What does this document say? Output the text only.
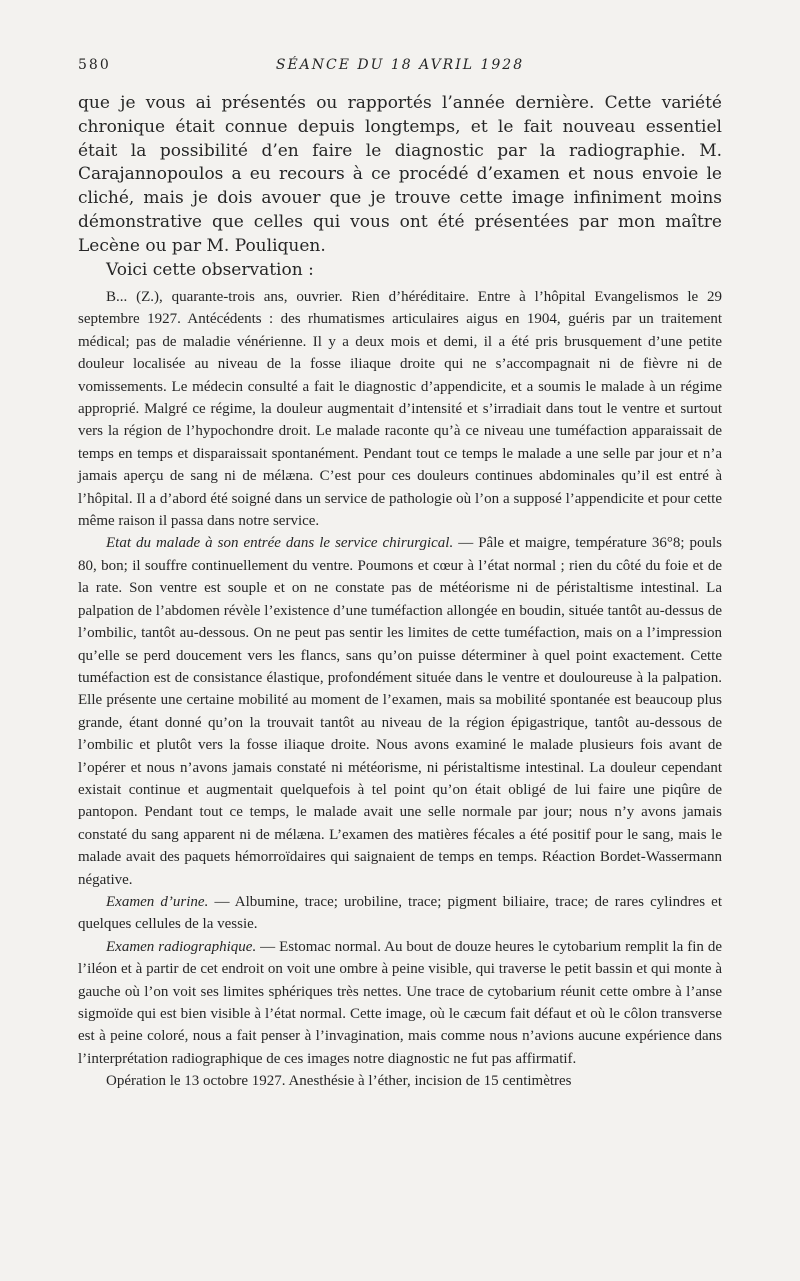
580	SÉANCE DU 18 AVRIL 1928

que je vous ai présentés ou rapportés l’année dernière. Cette variété chronique était connue depuis longtemps, et le fait nouveau essentiel était la possibilité d’en faire le diagnostic par la radiographie. M. Carajannopoulos a eu recours à ce procédé d’examen et nous envoie le cliché, mais je dois avouer que je trouve cette image infiniment moins démonstrative que celles qui vous ont été présentées par mon maître Lecène ou par M. Pouliquen.

Voici cette observation :

B... (Z.), quarante-trois ans, ouvrier. Rien d’héréditaire. Entre à l’hôpital Evangelismos le 29 septembre 1927. Antécédents : des rhumatismes articulaires aigus en 1904, guéris par un traitement médical; pas de maladie vénérienne. Il y a deux mois et demi, il a été pris brusquement d’une petite douleur localisée au niveau de la fosse iliaque droite qui ne s’accompagnait ni de fièvre ni de vomissements. Le médecin consulté a fait le diagnostic d’appendicite, et a soumis le malade à un régime approprié. Malgré ce régime, la douleur augmentait d’intensité et s’irradiait dans tout le ventre et surtout vers la région de l’hypochondre droit. Le malade raconte qu’à ce niveau une tuméfaction apparaissait de temps en temps et disparaissait spontanément. Pendant tout ce temps le malade a une selle par jour et n’a jamais aperçu de sang ni de mélæna. C’est pour ces douleurs continues abdominales qu’il est entré à l’hôpital. Il a d’abord été soigné dans un service de pathologie où l’on a supposé l’appendicite et pour cette même raison il passa dans notre service.

Etat du malade à son entrée dans le service chirurgical. — Pâle et maigre, température 36°8; pouls 80, bon; il souffre continuellement du ventre. Poumons et cœur à l’état normal ; rien du côté du foie et de la rate. Son ventre est souple et on ne constate pas de météorisme ni de péristaltisme intestinal. La palpation de l’abdomen révèle l’existence d’une tuméfaction allongée en boudin, située tantôt au-dessus de l’ombilic, tantôt au-dessous. On ne peut pas sentir les limites de cette tuméfaction, mais on a l’impression qu’elle se perd doucement vers les flancs, sans qu’on puisse déterminer à quel point exactement. Cette tuméfaction est de consistance élastique, profondément située dans le ventre et douloureuse à la palpation. Elle présente une certaine mobilité au moment de l’examen, mais sa mobilité spontanée est beaucoup plus grande, étant donné qu’on la trouvait tantôt au niveau de la région épigastrique, tantôt au-dessous de l’ombilic et plutôt vers la fosse iliaque droite. Nous avons examiné le malade plusieurs fois avant de l’opérer et nous n’avons jamais constaté ni météorisme, ni péristaltisme intestinal. La douleur cependant existait continue et augmentait quelquefois à tel point qu’on était obligé de lui faire une piqûre de pantopon. Pendant tout ce temps, le malade avait une selle normale par jour; nous n’y avons jamais constaté du sang apparent ni de mélæna. L’examen des matières fécales a été positif pour le sang, mais le malade avait des paquets hémorroïdaires qui saignaient de temps en temps. Réaction Bordet-Wassermann négative.

Examen d’urine. — Albumine, trace; urobiline, trace; pigment biliaire, trace; de rares cylindres et quelques cellules de la vessie.

Examen radiographique. — Estomac normal. Au bout de douze heures le cytobarium remplit la fin de l’iléon et à partir de cet endroit on voit une ombre à peine visible, qui traverse le petit bassin et qui monte à gauche où l’on voit ses limites sphériques très nettes. Une trace de cytobarium réunit cette ombre à l’anse sigmoïde qui est bien visible à l’état normal. Cette image, où le cæcum fait défaut et où le côlon transverse est à peine coloré, nous a fait penser à l’invagination, mais comme nous n’avions aucune expérience dans l’interprétation radiographique de ces images notre diagnostic ne fut pas affirmatif.

Opération le 13 octobre 1927. Anesthésie à l’éther, incision de 15 centimètres
